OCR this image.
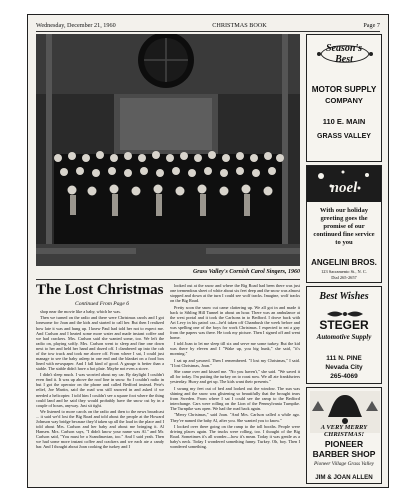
Wednesday, December 21, 1960	CHRISTMAS BOOK	Page 7
Grass Valley's Cornish Carol Singers, 1960
The Lost Christmas
Continued From Page 6

shop near the movie like a baby, which he was.

Then we turned on the radio and there were Christmas carols and I got lonesome for Joan and the kids and started to call her. But then I realized how late it was and hung up. I knew Paul had told her not to expect me. And Carlson and I heated some more water and made instant coffee and we had crackers. Mrs. Carlson said she wanted some, too. We left the radio on, playing softly. Mrs. Carlson went to sleep and fine one down next to her and held her hand and dozed off. I clambered up into the cab of the tow truck and took me above off. From where I sat, I could just manage to see the baby asleep in one end and the blanket on a food box lined with newspaper. And I fall kind of good. A garage is better than a stable. The stable didn't have a hot plate. Maybe not even a stove.

I didn't sleep much. I was worried about my car. By daylight I couldn't even find it. It was up above the roof line in snow. So I couldn't radio in but I got the operator on the phone and called Bedford instead. Pete's relief, Joe Martin, said the road was still snowed in and asked if we needed a helicopter. I told him I couldn't see a square foot where the thing could land and he said they would probably have the snow cut by in a couple of hours, anyway. Just sit tight.

We listened to more carols on the radio and then to the news broadcast ... it said we'd lost the Big Road and told about the people at the Howard Johnson way bridge because they'd taken up all the load in the place and I told about Mrs. Carlson and her baby and about me bringing it. Al Hansen. Mrs. Carlson says, "I didn't know your name was Al." and Mr. Carlson said, "You must be a Scandinavian, too." And I said yeah. Then we had some more instant coffee and crackers and we each ate a candy bar. And I thought about Joan cooking the turkey and I

looked out at the snow and where the Big Road had been there was just one tremendous sheet of white about six feet deep and the snow was almost stopped and down at the turn I could see wolf tracks. Imagine, wolf tracks on the Big Road.

Pretty soon the snow cut came clattering up. We all got in and made it back to Sibling Hill Tunnel in about an hour. There was an ambulance at the west portal and it took the Carlsons in to Bedford. I drove back with Art Levy in his patrol car—he'd taken off Chambush the week before and was spelling one of the boys for work Christmas. I expected to eat a guy from the papers was there. He took my picture. Then I signed off and went home.

I told Joan to let me sleep till six and serve me some turkey. But the kid was there by eleven and I "Wake up, you big hunk," she said, "it's morning."

I sat up and yawned. Then I remembered. "I lost my Christmas," I said. "I lost Christmas, Joan."

She came over and kissed me. "No you haven't," she said. "We saved it all for today. I'm putting the turkey on to roast now. We all ate frankfurters yesterday. Hurry and get up. The kids want their presents."

I swung my feet out of bed and looked out the window. The sun was shining and the snow was glistening so beautifully that the brought tears from Sweden. From where I sat I could see the ramp to the Bedford interchange. Cars were rolling on the Lion of the Pennsylvania Turnpike. The Turnpike was open. We had the road back again.

"Merry Christmas," said Joan. "And Mrs. Carlson called a while ago. They've named the baby Al, after you. She wanted you to know."

I looked over there going on the ramp to the toll booths. People were driving places again. The trucks were rolling, too. I thought of the Big Road. Sometimes it's all wonder—how it's mean. Today it was gentle as a baby's neck. Today I wondered something funny. Turkey. Oh, boy. Then I wondered something.

Season's
Best
MOTOR SUPPLY
COMPANY
110 E. MAIN
GRASS VALLEY
noel
With our holiday greeting goes the promise of our continued fine service to you
ANGELINI BROS.
123 Sacramento St., N. C.
Dial 265-2657
Best Wishes
STEGER
Automotive Supply
111 N. PINE
Nevada City
265-4069
A VERY MERRY CHRISTMAS!
PIONEER BARBER SHOP
Pioneer Village Grass Valley
JIM & JOAN ALLEN
